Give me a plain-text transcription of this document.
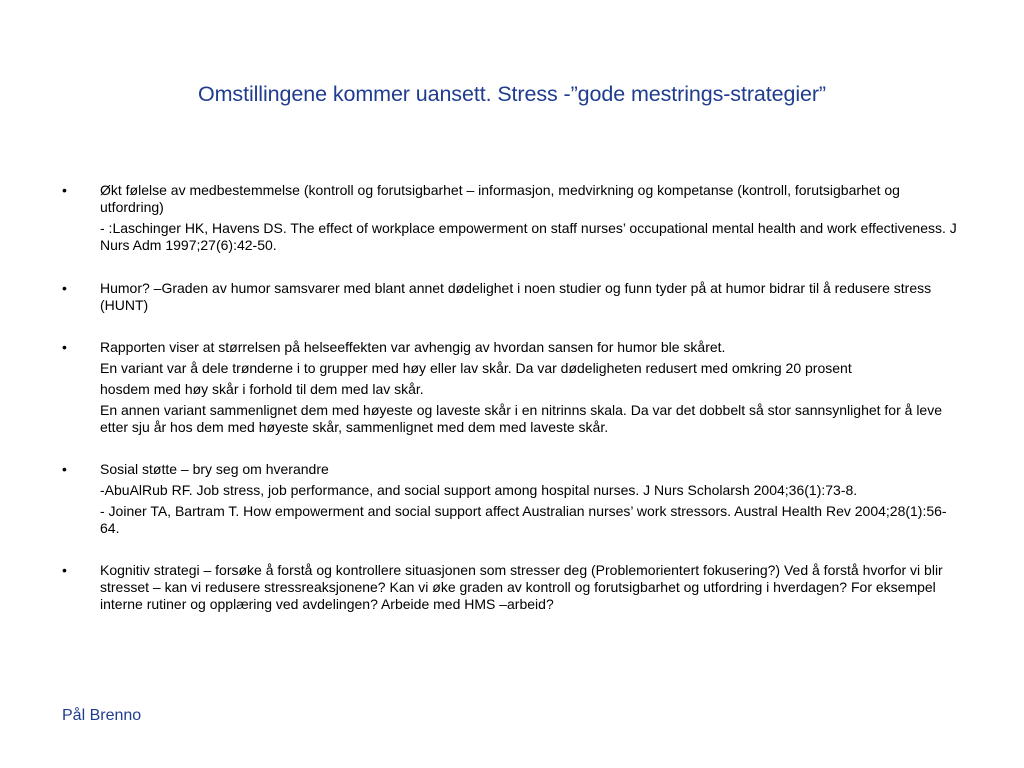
Omstillingene kommer uansett. Stress -”gode mestrings-strategier”
• Økt følelse av medbestemmelse (kontroll og forutsigbarhet – informasjon, medvirkning og kompetanse (kontroll, forutsigbarhet og utfordring)
- :Laschinger HK, Havens DS. The effect of workplace empowerment on staff nurses’ occupational mental health and work effectiveness. J Nurs Adm 1997;27(6):42-50.
• Humor? –Graden av humor samsvarer med blant annet dødelighet i noen studier og funn tyder på at humor bidrar til å redusere stress (HUNT)
• Rapporten viser at størrelsen på helseeffekten var avhengig av hvordan sansen for humor ble skåret.
En variant var å dele trønderne i to grupper med høy eller lav skår. Da var dødeligheten redusert med omkring 20 prosent
hosdem med høy skår i forhold til dem med lav skår.
En annen variant sammenlignet dem med høyeste og laveste skår i en nitrinns skala. Da var det dobbelt så stor sannsynlighet for å leve etter sju år hos dem med høyeste skår, sammenlignet med dem med laveste skår.
• Sosial støtte – bry seg om hverandre
-AbuAlRub RF. Job stress, job performance, and social support among hospital nurses. J Nurs Scholarsh 2004;36(1):73-8.
- Joiner TA, Bartram T. How empowerment and social support affect Australian nurses’ work stressors. Austral Health Rev 2004;28(1):56-64.
• Kognitiv strategi – forsøke å forstå og kontrollere situasjonen som stresser deg (Problemorientert fokusering?) Ved å forstå hvorfor vi blir stresset – kan vi redusere stressreaksjonene? Kan vi øke graden av kontroll og forutsigbarhet og utfordring i hverdagen? For eksempel interne rutiner og opplæring ved avdelingen? Arbeide med HMS –arbeid?
Pål Brenno
